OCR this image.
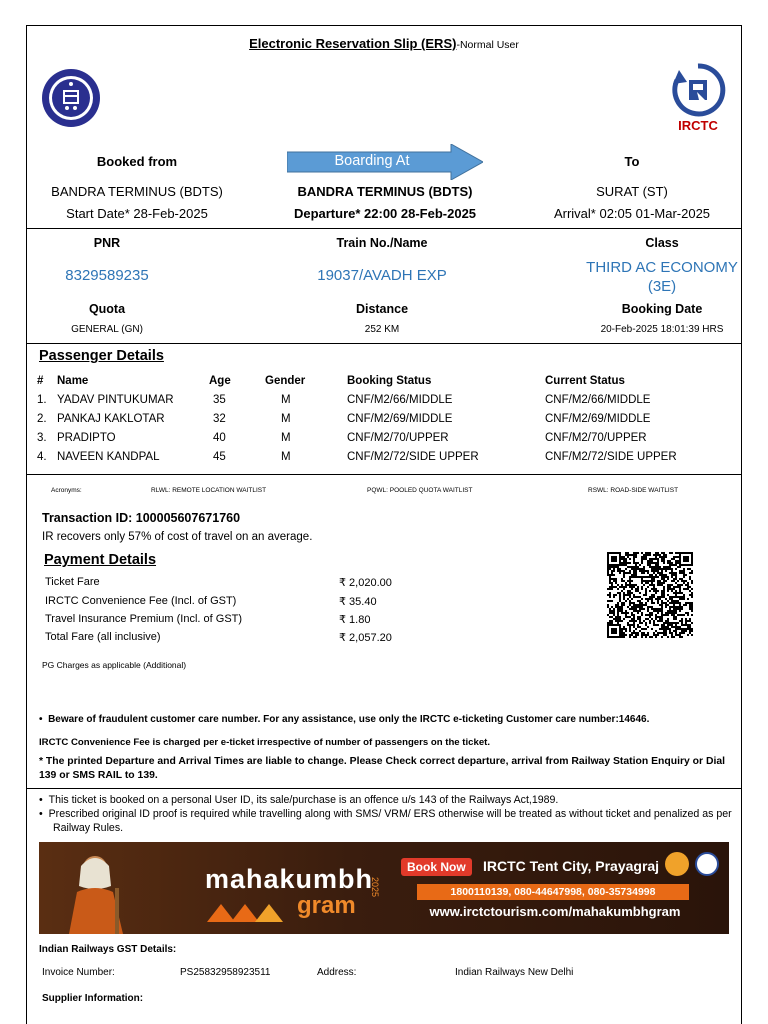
Electronic Reservation Slip (ERS)-Normal User
IRCTC
Booked from	Boarding At	To
BANDRA TERMINUS (BDTS)	BANDRA TERMINUS (BDTS)	SURAT (ST)
Start Date* 28-Feb-2025	Departure* 22:00 28-Feb-2025	Arrival* 02:05 01-Mar-2025
PNR	Train No./Name	Class
8329589235	19037/AVADH EXP	THIRD AC ECONOMY
(3E)
Quota	Distance	Booking Date
GENERAL (GN)	252 KM	20-Feb-2025 18:01:39 HRS
Passenger Details
#	Name	Age	Gender	Booking Status	Current Status
1.	YADAV PINTUKUMAR	35	M	CNF/M2/66/MIDDLE	CNF/M2/66/MIDDLE
2.	PANKAJ KAKLOTAR	32	M	CNF/M2/69/MIDDLE	CNF/M2/69/MIDDLE
3.	PRADIPTO	40	M	CNF/M2/70/UPPER	CNF/M2/70/UPPER
4.	NAVEEN KANDPAL	45	M	CNF/M2/72/SIDE UPPER	CNF/M2/72/SIDE UPPER
Acronyms:	RLWL: REMOTE LOCATION WAITLIST	PQWL: POOLED QUOTA WAITLIST	RSWL: ROAD-SIDE WAITLIST
Transaction ID: 100005607671760
IR recovers only 57% of cost of travel on an average.
Payment Details
Ticket Fare	₹ 2,020.00
IRCTC Convenience Fee (Incl. of GST)	₹ 35.40
Travel Insurance Premium (Incl. of GST)	₹ 1.80
Total Fare (all inclusive)	₹ 2,057.20
PG Charges as applicable (Additional)
•  Beware of fraudulent customer care number. For any assistance, use only the IRCTC e-ticketing Customer care number:14646.
IRCTC Convenience Fee is charged per e-ticket irrespective of number of passengers on the ticket.
* The printed Departure and Arrival Times are liable to change. Please Check correct departure, arrival from Railway Station Enquiry or Dial 139 or SMS RAIL to 139.
•  This ticket is booked on a personal User ID, its sale/purchase is an offence u/s 143 of the Railways Act,1989.
•  Prescribed original ID proof is required while travelling along with SMS/ VRM/ ERS otherwise will be treated as without ticket and penalized as per Railway Rules.
mahakumbh
gram
2025
Book Now	IRCTC Tent City, Prayagraj
1800110139, 080-44647998, 080-35734998
www.irctctourism.com/mahakumbhgram
Indian Railways GST Details:
Invoice Number:	PS25832958923511	Address:	Indian Railways New Delhi
Supplier Information:
